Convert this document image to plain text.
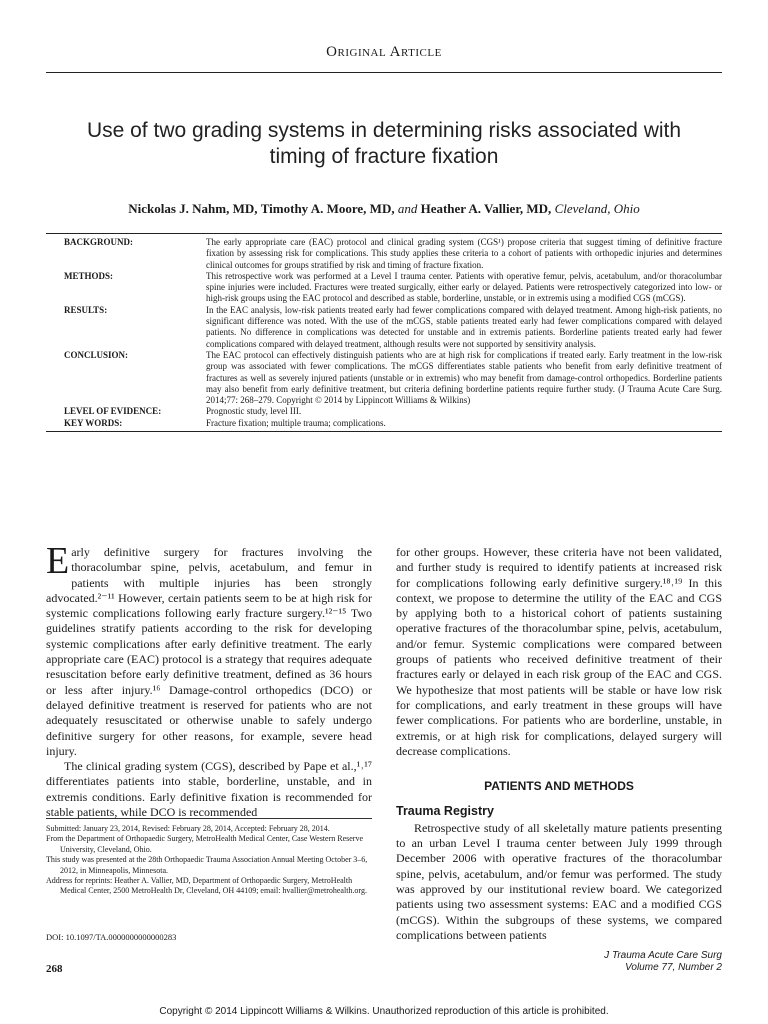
Original Article
Use of two grading systems in determining risks associated with timing of fracture fixation
Nickolas J. Nahm, MD, Timothy A. Moore, MD, and Heather A. Vallier, MD, Cleveland, Ohio
BACKGROUND:	The early appropriate care (EAC) protocol and clinical grading system (CGS¹) propose criteria that suggest timing of definitive fracture fixation by assessing risk for complications. This study applies these criteria to a cohort of patients with orthopedic injuries and determines clinical outcomes for groups stratified by risk and timing of fracture fixation.
METHODS:	This retrospective work was performed at a Level I trauma center. Patients with operative femur, pelvis, acetabulum, and/or thoracolumbar spine injuries were included. Fractures were treated surgically, either early or delayed. Patients were retrospectively categorized into low- or high-risk groups using the EAC protocol and described as stable, borderline, unstable, or in extremis using a modified CGS (mCGS).
RESULTS:	In the EAC analysis, low-risk patients treated early had fewer complications compared with delayed treatment. Among high-risk patients, no significant difference was noted. With the use of the mCGS, stable patients treated early had fewer complications compared with delayed patients. No difference in complications was detected for unstable and in extremis patients. Borderline patients treated early had fewer complications compared with delayed treatment, although results were not supported by sensitivity analysis.
CONCLUSION:	The EAC protocol can effectively distinguish patients who are at high risk for complications if treated early. Early treatment in the low-risk group was associated with fewer complications. The mCGS differentiates stable patients who benefit from early definitive treatment of fractures as well as severely injured patients (unstable or in extremis) who may benefit from damage-control orthopedics. Borderline patients may also benefit from early definitive treatment, but criteria defining borderline patients require further study. (J Trauma Acute Care Surg. 2014;77: 268–279. Copyright © 2014 by Lippincott Williams & Wilkins)
LEVEL OF EVIDENCE:	Prognostic study, level III.
KEY WORDS:	Fracture fixation; multiple trauma; complications.

Early definitive surgery for fractures involving the thoracolumbar spine, pelvis, acetabulum, and femur in patients with multiple injuries has been strongly advocated.²⁻¹¹ However, certain patients seem to be at high risk for systemic complications following early fracture surgery.¹²⁻¹⁵ Two guidelines stratify patients according to the risk for developing systemic complications after early definitive treatment. The early appropriate care (EAC) protocol is a strategy that requires adequate resuscitation before early definitive treatment, defined as 36 hours or less after injury.¹⁶ Damage-control orthopedics (DCO) or delayed definitive treatment is reserved for patients who are not adequately resuscitated or otherwise unable to safely undergo definitive surgery for other reasons, for example, severe head injury.

The clinical grading system (CGS), described by Pape et al.,¹˒¹⁷ differentiates patients into stable, borderline, unstable, and in extremis conditions. Early definitive fixation is recommended for stable patients, while DCO is recommended

for other groups. However, these criteria have not been validated, and further study is required to identify patients at increased risk for complications following early definitive surgery.¹⁸˒¹⁹ In this context, we propose to determine the utility of the EAC and CGS by applying both to a historical cohort of patients sustaining operative fractures of the thoracolumbar spine, pelvis, acetabulum, and/or femur. Systemic complications were compared between groups of patients who received definitive treatment of their fractures early or delayed in each risk group of the EAC and CGS. We hypothesize that most patients will be stable or have low risk for complications, and early treatment in these groups will have fewer complications. For patients who are borderline, unstable, in extremis, or at high risk for complications, delayed surgery will decrease complications.

PATIENTS AND METHODS
Trauma Registry

Retrospective study of all skeletally mature patients presenting to an urban Level I trauma center between July 1999 through December 2006 with operative fractures of the thoracolumbar spine, pelvis, acetabulum, and/or femur was performed. The study was approved by our institutional review board. We categorized patients using two assessment systems: EAC and a modified CGS (mCGS). Within the subgroups of these systems, we compared complications between patients

Submitted: January 23, 2014, Revised: February 28, 2014, Accepted: February 28, 2014.
From the Department of Orthopaedic Surgery, MetroHealth Medical Center, Case Western Reserve University, Cleveland, Ohio.
This study was presented at the 28th Orthopaedic Trauma Association Annual Meeting October 3–6, 2012, in Minneapolis, Minnesota.
Address for reprints: Heather A. Vallier, MD, Department of Orthopaedic Surgery, MetroHealth Medical Center, 2500 MetroHealth Dr, Cleveland, OH 44109; email: hvallier@metrohealth.org.
DOI: 10.1097/TA.0000000000000283
268
J Trauma Acute Care Surg
Volume 77, Number 2
Copyright © 2014 Lippincott Williams & Wilkins. Unauthorized reproduction of this article is prohibited.
